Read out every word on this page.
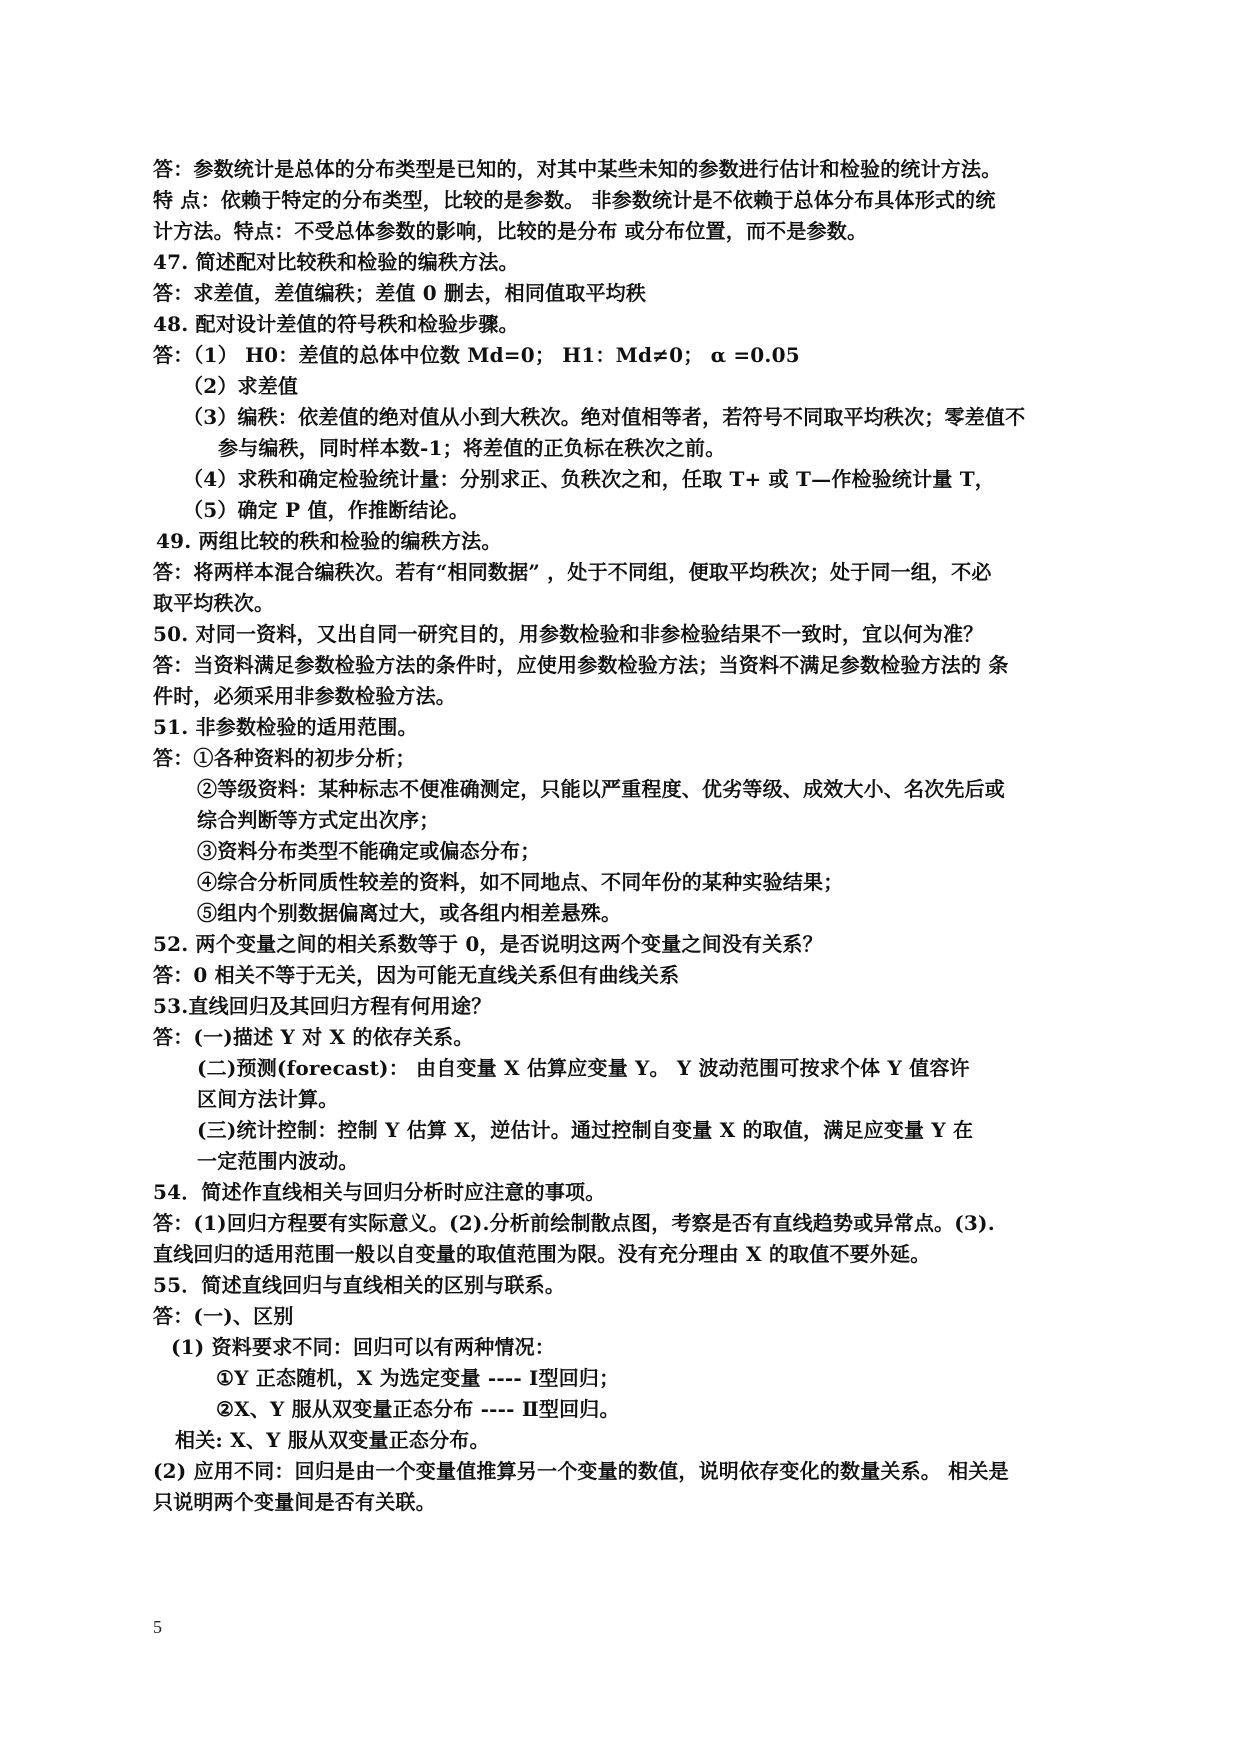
答：参数统计是总体的分布类型是已知的，对其中某些未知的参数进行估计和检验的统计方法。
特 点：依赖于特定的分布类型，比较的是参数。 非参数统计是不依赖于总体分布具体形式的统
计方法。特点：不受总体参数的影响，比较的是分布 或分布位置，而不是参数。
47. 简述配对比较秩和检验的编秩方法。
答：求差值，差值编秩；差值 0 删去，相同值取平均秩
48. 配对设计差值的符号秩和检验步骤。
答：（1） H0：差值的总体中位数 Md=0； H1：Md≠0； α =0.05
（2）求差值
（3）编秩：依差值的绝对值从小到大秩次。绝对值相等者，若符号不同取平均秩次；零差值不
参与编秩，同时样本数-1；将差值的正负标在秩次之前。
（4）求秩和确定检验统计量：分别求正、负秩次之和，任取 T+ 或 T—作检验统计量 T，
（5）确定 P 值，作推断结论。
49. 两组比较的秩和检验的编秩方法。
答：将两样本混合编秩次。若有“相同数据” ，处于不同组，便取平均秩次；处于同一组，不必
取平均秩次。
50. 对同一资料，又出自同一研究目的，用参数检验和非参检验结果不一致时，宜以何为准？
答：当资料满足参数检验方法的条件时，应使用参数检验方法；当资料不满足参数检验方法的 条
件时，必须采用非参数检验方法。
51. 非参数检验的适用范围。
答：①各种资料的初步分析；
②等级资料：某种标志不便准确测定，只能以严重程度、优劣等级、成效大小、名次先后或
综合判断等方式定出次序；
③资料分布类型不能确定或偏态分布；
④综合分析同质性较差的资料，如不同地点、不同年份的某种实验结果；
⑤组内个别数据偏离过大，或各组内相差悬殊。
52. 两个变量之间的相关系数等于 0，是否说明这两个变量之间没有关系？
答：0 相关不等于无关，因为可能无直线关系但有曲线关系
53.直线回归及其回归方程有何用途？
答：(一)描述 Y 对 X 的依存关系。
(二)预测(forecast)： 由自变量 X 估算应变量 Y。 Y 波动范围可按求个体 Y 值容许
区间方法计算。
(三)统计控制：控制 Y 估算 X，逆估计。通过控制自变量 X 的取值，满足应变量 Y 在
一定范围内波动。
54．简述作直线相关与回归分析时应注意的事项。
答：(1)回归方程要有实际意义。(2).分析前绘制散点图，考察是否有直线趋势或异常点。(3).
直线回归的适用范围一般以自变量的取值范围为限。没有充分理由 X 的取值不要外延。
55．简述直线回归与直线相关的区别与联系。
答：(一)、区别
(1) 资料要求不同：回归可以有两种情况：
①Y 正态随机，X 为选定变量 ---- Ⅰ型回归；
②X、Y 服从双变量正态分布 ---- Ⅱ型回归。
相关: X、Y 服从双变量正态分布。
(2) 应用不同：回归是由一个变量值推算另一个变量的数值，说明依存变化的数量关系。 相关是
只说明两个变量间是否有关联。
5
